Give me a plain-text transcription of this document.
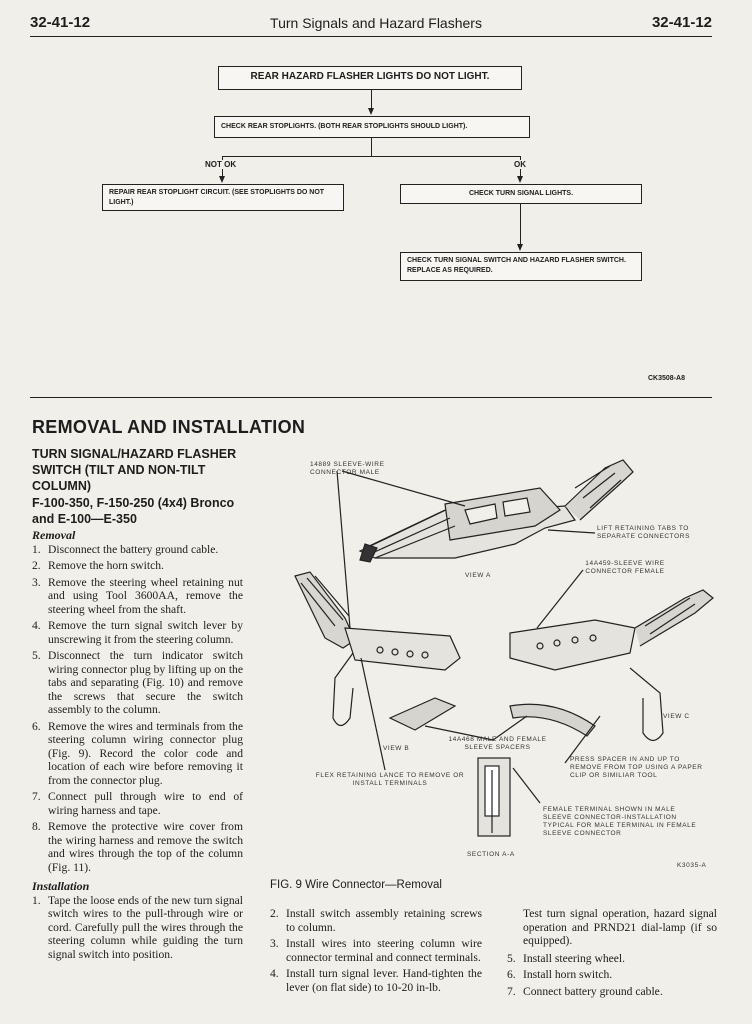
32-41-12	Turn Signals and Hazard Flashers	32-41-12
REAR HAZARD FLASHER LIGHTS DO NOT LIGHT.
CHECK REAR STOPLIGHTS. (BOTH REAR STOPLIGHTS SHOULD LIGHT).
NOT OK	OK
REPAIR REAR STOPLIGHT CIRCUIT. (SEE STOPLIGHTS DO NOT LIGHT.)
CHECK TURN SIGNAL LIGHTS.
CHECK TURN SIGNAL SWITCH AND HAZARD FLASHER SWITCH. REPLACE AS REQUIRED.
CK3508-A8
REMOVAL AND INSTALLATION
TURN SIGNAL/HAZARD FLASHER SWITCH (TILT AND NON-TILT COLUMN)
F-100-350, F-150-250 (4x4) Bronco and E-100—E-350
Removal
1. Disconnect the battery ground cable.
2. Remove the horn switch.
3. Remove the steering wheel retaining nut and using Tool 3600AA, remove the steering wheel from the shaft.
4. Remove the turn signal switch lever by unscrewing it from the steering column.
5. Disconnect the turn indicator switch wiring connector plug by lifting up on the tabs and separating (Fig. 10) and remove the screws that secure the switch assembly to the column.
6. Remove the wires and terminals from the steering column wiring connector plug (Fig. 9). Record the color code and location of each wire before removing it from the connector plug.
7. Connect pull through wire to end of wiring harness and tape.
8. Remove the protective wire cover from the wiring harness and remove the switch and wires through the top of the column (Fig. 11).
Installation
1. Tape the loose ends of the new turn signal switch wires to the pull-through wire or cord. Carefully pull the wires through the steering column while guiding the turn signal switch into position.
2. Install switch assembly retaining screws to column.
3. Install wires into steering column wire connector terminal and connect terminals.
4. Install turn signal lever. Hand-tighten the lever (on flat side) to 10-20 in-lb.
Test turn signal operation, hazard signal operation and PRND21 dial-lamp (if so equipped).
5. Install steering wheel.
6. Install horn switch.
7. Connect battery ground cable.
14889 SLEEVE-WIRE CONNECTOR MALE
LIFT RETAINING TABS TO SEPARATE CONNECTORS
VIEW A
14A459-SLEEVE WIRE CONNECTOR FEMALE
VIEW C
VIEW B
14A468 MALE AND FEMALE SLEEVE SPACERS
FLEX RETAINING LANCE TO REMOVE OR INSTALL TERMINALS
PRESS SPACER IN AND UP TO REMOVE FROM TOP USING A PAPER CLIP OR SIMILIAR TOOL
FEMALE TERMINAL SHOWN IN MALE SLEEVE CONNECTOR-INSTALLATION TYPICAL FOR MALE TERMINAL IN FEMALE SLEEVE CONNECTOR
SECTION A-A
K3035-A
FIG. 9 Wire Connector—Removal
